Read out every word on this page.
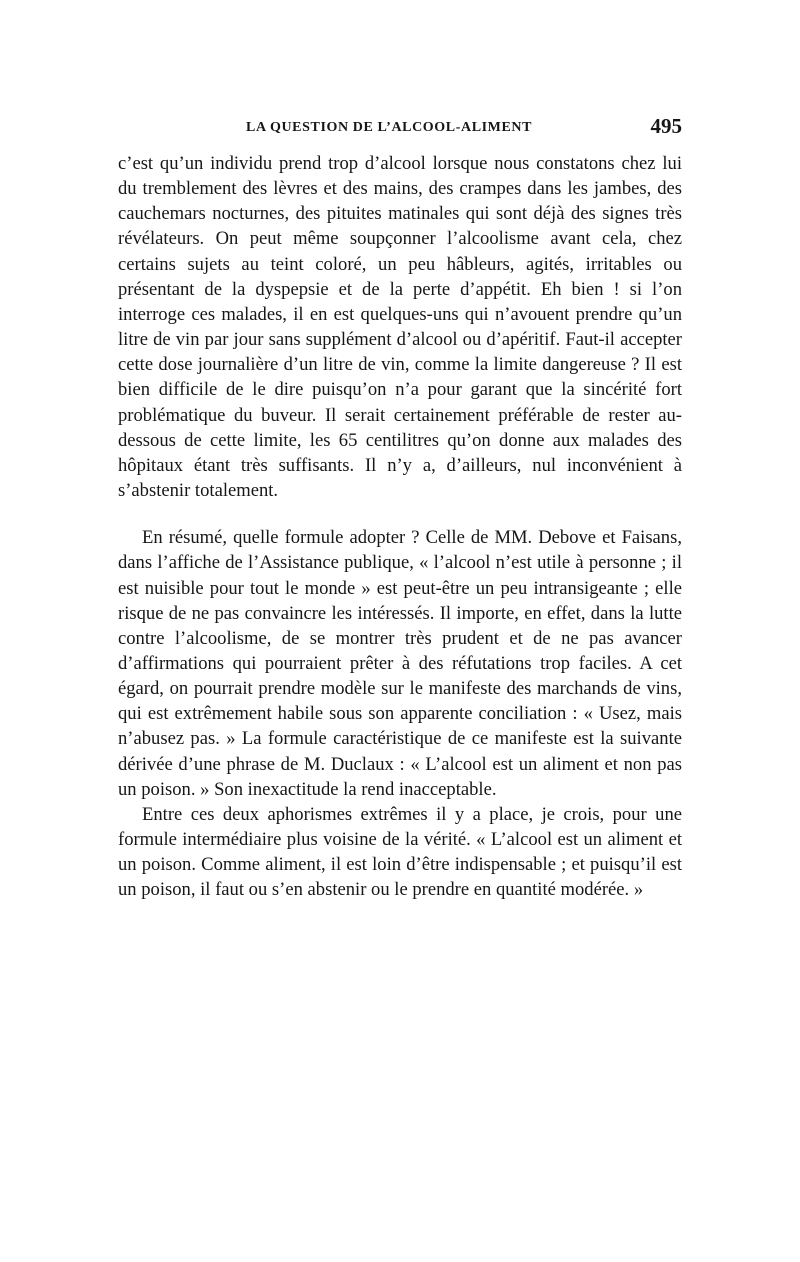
LA QUESTION DE L’ALCOOL-ALIMENT	495

c’est qu’un individu prend trop d’alcool lorsque nous constatons chez lui du tremblement des lèvres et des mains, des crampes dans les jambes, des cauchemars nocturnes, des pituites matinales qui sont déjà des signes très révélateurs. On peut même soupçonner l’alcoolisme avant cela, chez certains sujets au teint coloré, un peu hâbleurs, agités, irritables ou présentant de la dyspepsie et de la perte d’appétit. Eh bien ! si l’on interroge ces malades, il en est quelques-uns qui n’avouent prendre qu’un litre de vin par jour sans supplément d’alcool ou d’apéritif. Faut-il accepter cette dose journalière d’un litre de vin, comme la limite dangereuse ? Il est bien difficile de le dire puisqu’on n’a pour garant que la sincérité fort problématique du buveur. Il serait certainement préférable de rester au-dessous de cette limite, les 65 centilitres qu’on donne aux malades des hôpitaux étant très suffisants. Il n’y a, d’ailleurs, nul inconvénient à s’abstenir totalement.

En résumé, quelle formule adopter ? Celle de MM. Debove et Faisans, dans l’affiche de l’Assistance publique, « l’alcool n’est utile à personne ; il est nuisible pour tout le monde » est peut-être un peu intransigeante ; elle risque de ne pas convaincre les intéressés. Il importe, en effet, dans la lutte contre l’alcoolisme, de se montrer très prudent et de ne pas avancer d’affirmations qui pourraient prêter à des réfutations trop faciles. A cet égard, on pourrait prendre modèle sur le manifeste des marchands de vins, qui est extrêmement habile sous son apparente conciliation : « Usez, mais n’abusez pas. » La formule caractéristique de ce manifeste est la suivante dérivée d’une phrase de M. Duclaux : « L’alcool est un aliment et non pas un poison. » Son inexactitude la rend inacceptable.

Entre ces deux aphorismes extrêmes il y a place, je crois, pour une formule intermédiaire plus voisine de la vérité. « L’alcool est un aliment et un poison. Comme aliment, il est loin d’être indispensable ; et puisqu’il est un poison, il faut ou s’en abstenir ou le prendre en quantité modérée. »
